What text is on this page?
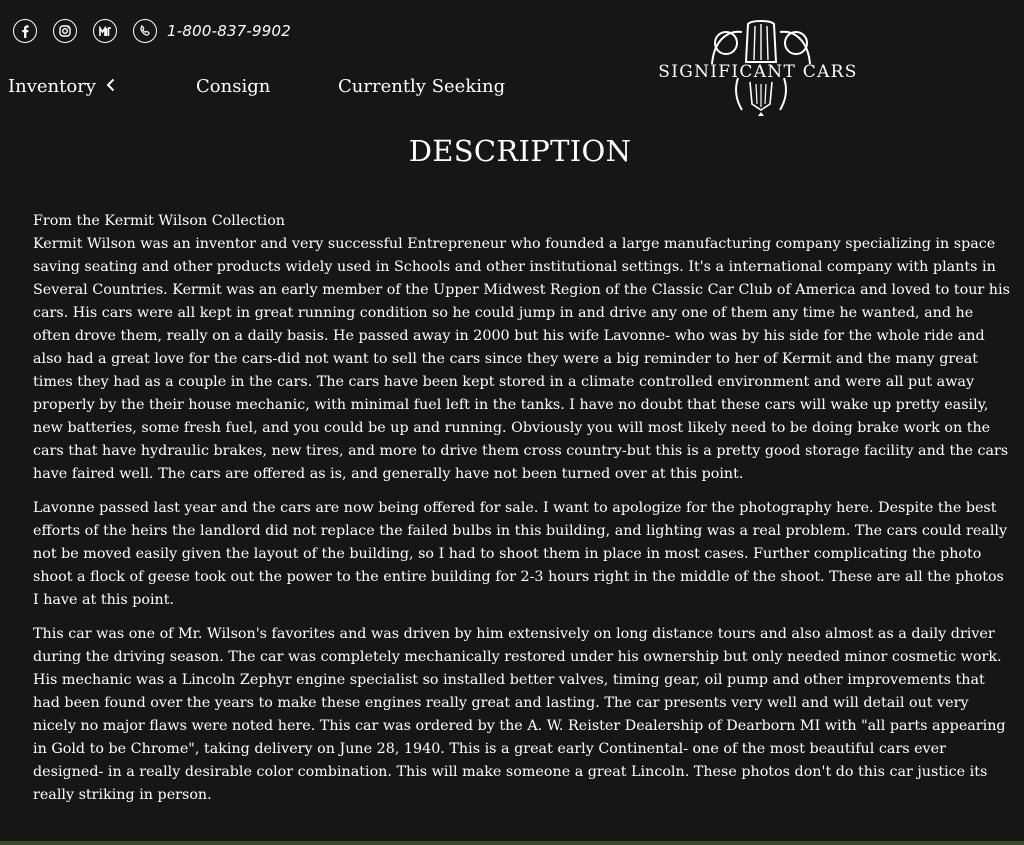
1-800-837-9902
Inventory	Consign	Currently Seeking
SIGNIFICANT CARS
DESCRIPTION

From the Kermit Wilson Collection
Kermit Wilson was an inventor and very successful Entrepreneur who founded a large manufacturing company specializing in space saving seating and other products widely used in Schools and other institutional settings. It's a international company with plants in Several Countries. Kermit was an early member of the Upper Midwest Region of the Classic Car Club of America and loved to tour his cars. His cars were all kept in great running condition so he could jump in and drive any one of them any time he wanted, and he often drove them, really on a daily basis. He passed away in 2000 but his wife Lavonne- who was by his side for the whole ride and also had a great love for the cars-did not want to sell the cars since they were a big reminder to her of Kermit and the many great times they had as a couple in the cars. The cars have been kept stored in a climate controlled environment and were all put away properly by the their house mechanic, with minimal fuel left in the tanks. I have no doubt that these cars will wake up pretty easily, new batteries, some fresh fuel, and you could be up and running. Obviously you will most likely need to be doing brake work on the cars that have hydraulic brakes, new tires, and more to drive them cross country-but this is a pretty good storage facility and the cars have faired well. The cars are offered as is, and generally have not been turned over at this point.

Lavonne passed last year and the cars are now being offered for sale. I want to apologize for the photography here. Despite the best efforts of the heirs the landlord did not replace the failed bulbs in this building, and lighting was a real problem. The cars could really not be moved easily given the layout of the building, so I had to shoot them in place in most cases. Further complicating the photo shoot a flock of geese took out the power to the entire building for 2-3 hours right in the middle of the shoot. These are all the photos I have at this point.

This car was one of Mr. Wilson's favorites and was driven by him extensively on long distance tours and also almost as a daily driver during the driving season. The car was completely mechanically restored under his ownership but only needed minor cosmetic work. His mechanic was a Lincoln Zephyr engine specialist so installed better valves, timing gear, oil pump and other improvements that had been found over the years to make these engines really great and lasting. The car presents very well and will detail out very nicely no major flaws were noted here. This car was ordered by the A. W. Reister Dealership of Dearborn MI with "all parts appearing in Gold to be Chrome", taking delivery on June 28, 1940. This is a great early Continental- one of the most beautiful cars ever designed- in a really desirable color combination. This will make someone a great Lincoln. These photos don't do this car justice its really striking in person.
